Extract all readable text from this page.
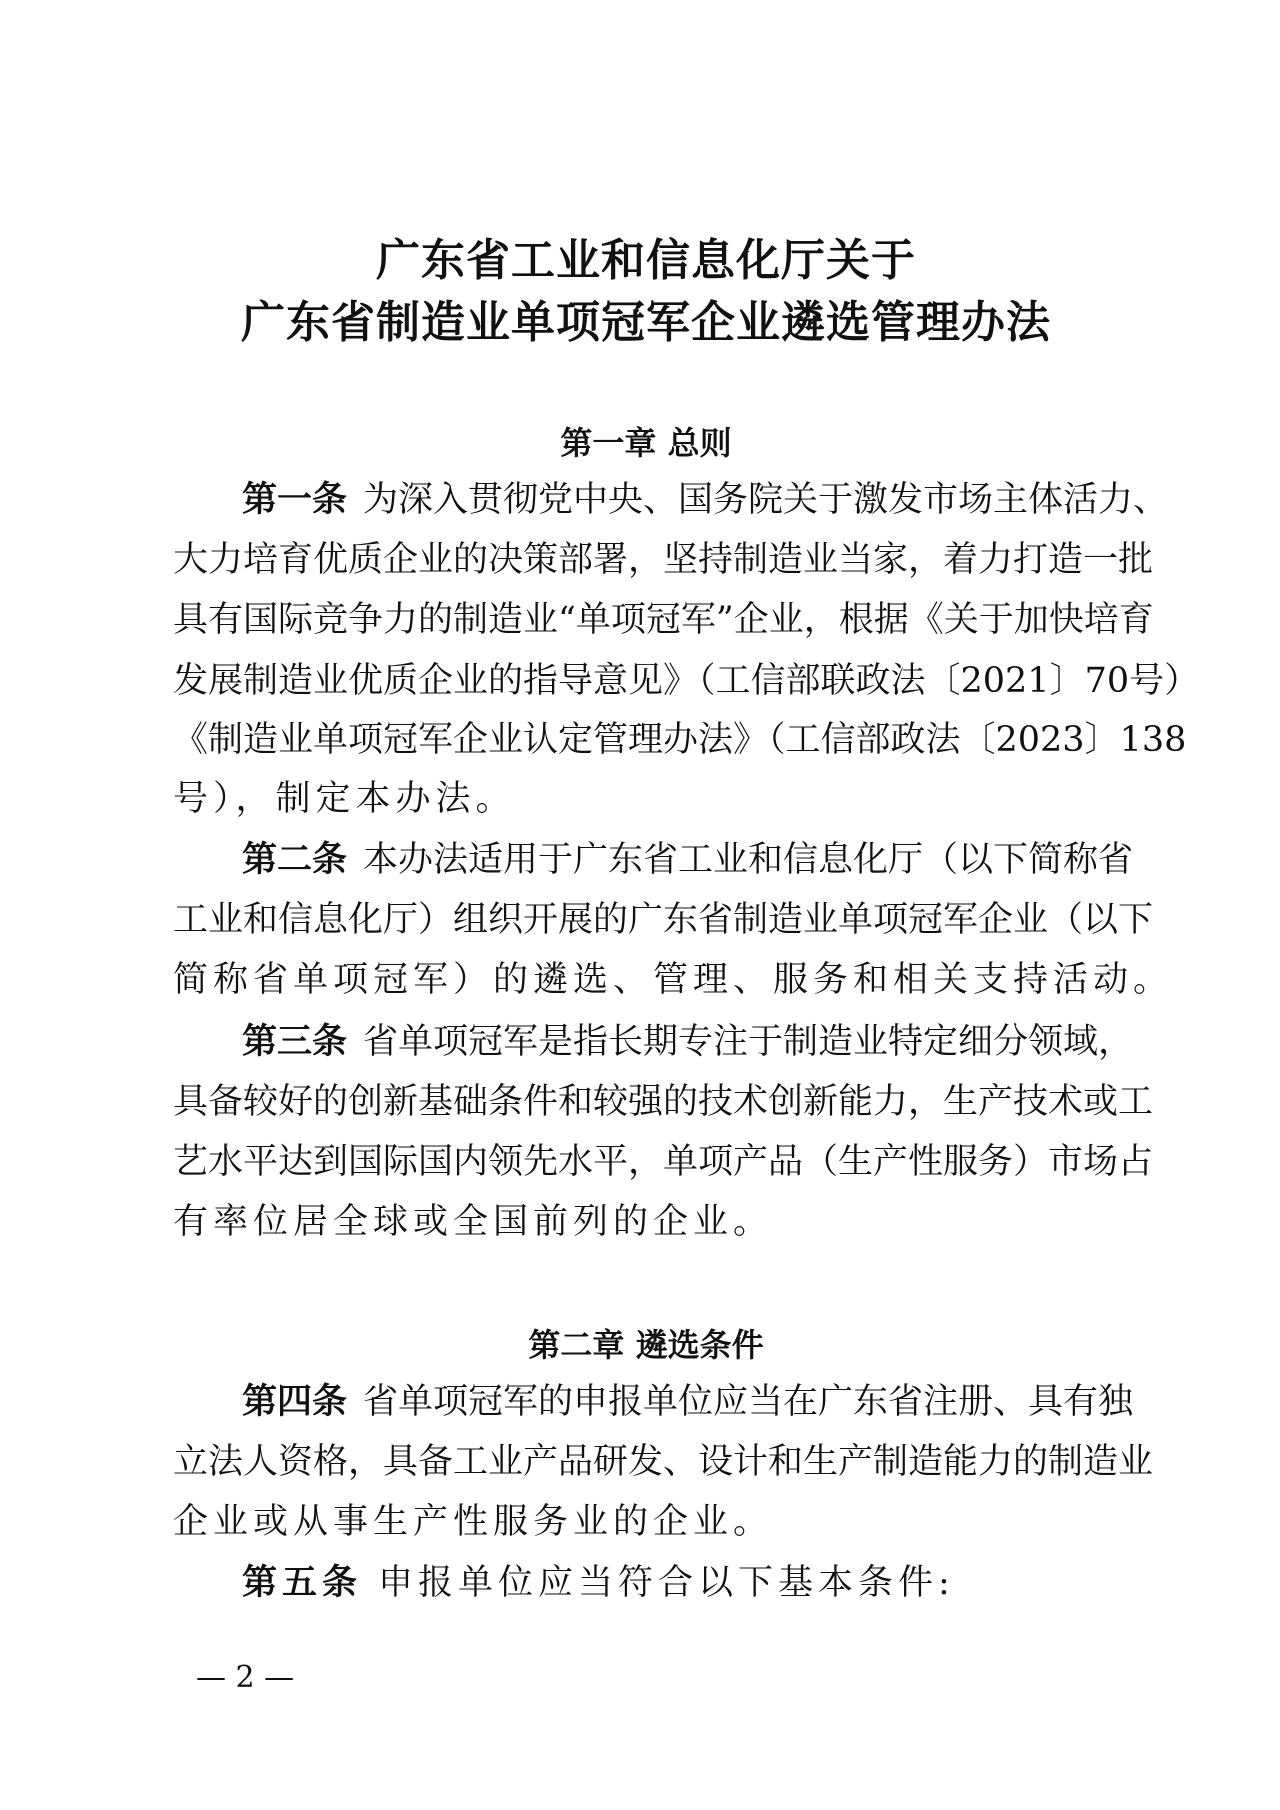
广东省工业和信息化厅关于
广东省制造业单项冠军企业遴选管理办法
第一章 总则
第一条 为深入贯彻党中央、国务院关于激发市场主体活力、
大力培育优质企业的决策部署，坚持制造业当家，着力打造一批
具有国际竞争力的制造业“单项冠军”企业，根据《关于加快培育
发展制造业优质企业的指导意见》（工信部联政法〔2021〕70号）
《制造业单项冠军企业认定管理办法》（工信部政法〔2023〕138
号），制定本办法。
第二条 本办法适用于广东省工业和信息化厅（以下简称省
工业和信息化厅）组织开展的广东省制造业单项冠军企业（以下
简称省单项冠军）的遴选、管理、服务和相关支持活动。
第三条 省单项冠军是指长期专注于制造业特定细分领域，
具备较好的创新基础条件和较强的技术创新能力，生产技术或工
艺水平达到国际国内领先水平，单项产品（生产性服务）市场占
有率位居全球或全国前列的企业。
第四条 省单项冠军的申报单位应当在广东省注册、具有独
立法人资格，具备工业产品研发、设计和生产制造能力的制造业
企业或从事生产性服务业的企业。
第五条 申报单位应当符合以下基本条件:
第二章 遴选条件
— 2 —
